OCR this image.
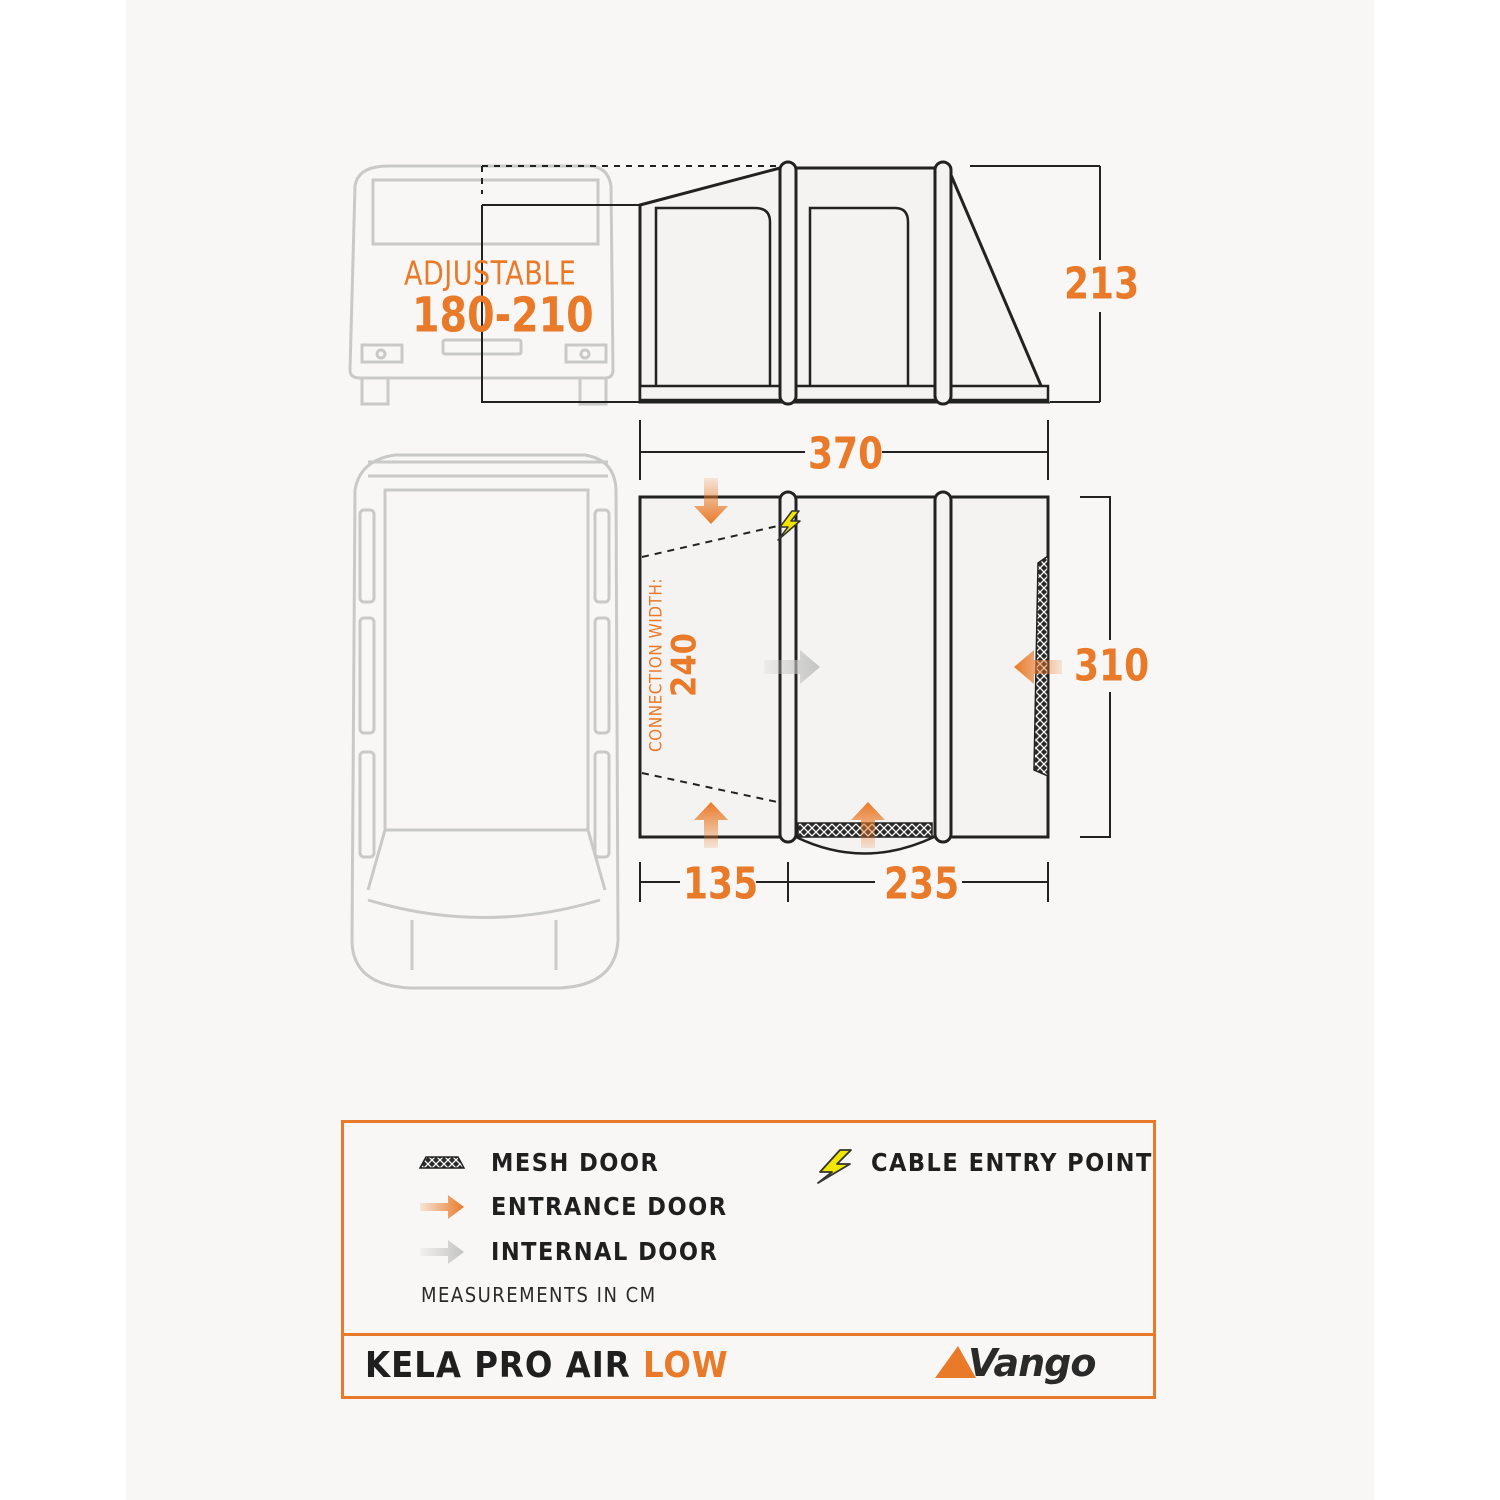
ADJUSTABLE
180-210
213
370
310
135	235
CONNECTION WIDTH:
240
MESH DOOR
ENTRANCE DOOR
INTERNAL DOOR
CABLE ENTRY POINT
MEASUREMENTS IN CM
KELA PRO AIR LOW	Vango
